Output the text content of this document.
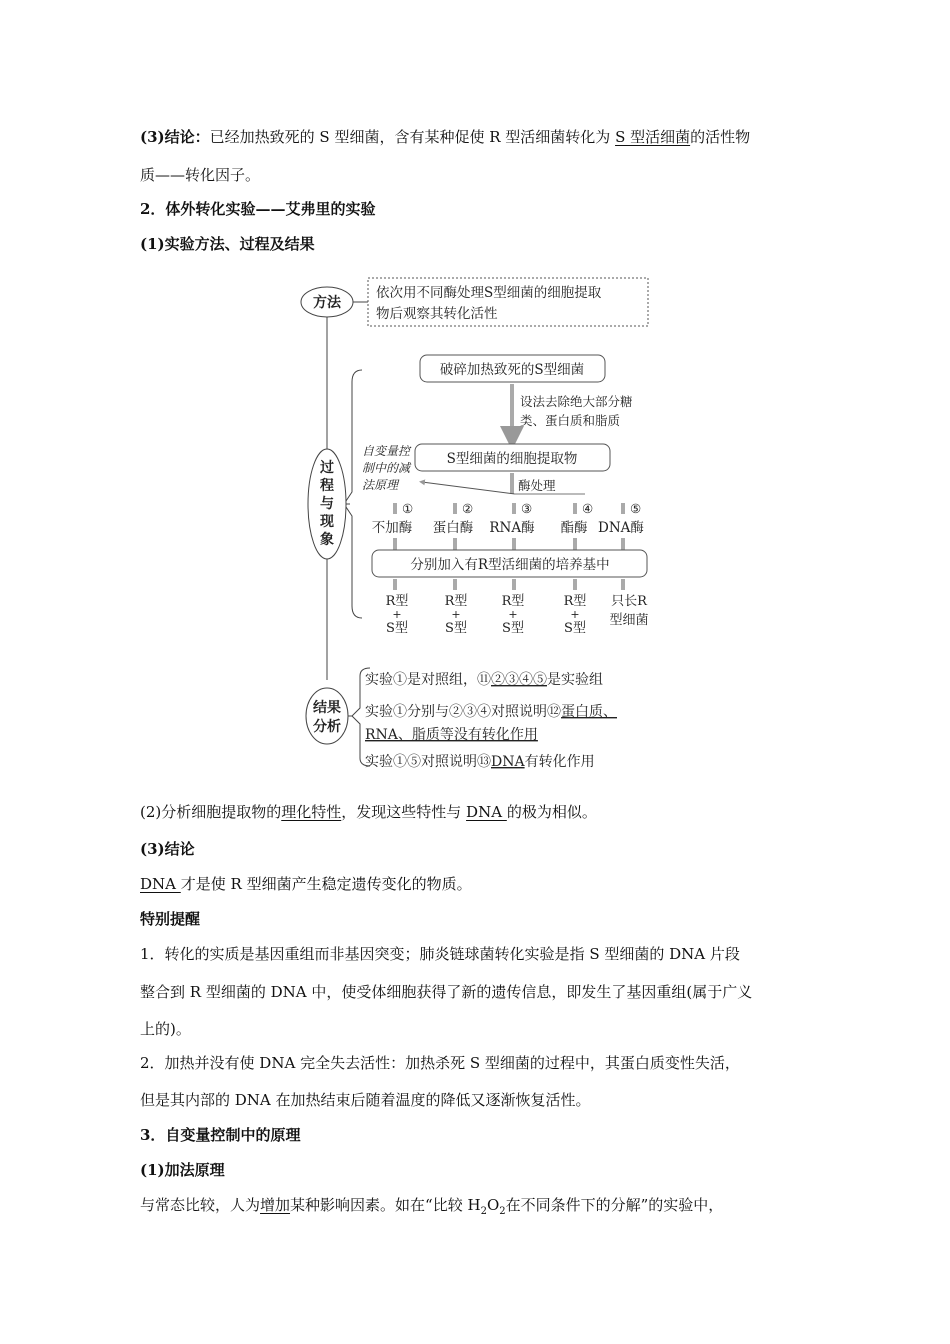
(3)结论：已经加热致死的 S 型细菌，含有某种促使 R 型活细菌转化为 S 型活细菌的活性物
质——转化因子。
2．体外转化实验——艾弗里的实验
(1)实验方法、过程及结果
方法
依次用不同酶处理S型细菌的细胞提取
物后观察其转化活性
过
程
与
现
象
破碎加热致死的S型细菌
设法去除绝大部分糖
类、蛋白质和脂质
S型细菌的细胞提取物
自变量控
制中的减
法原理	酶处理
①
不加酶
②
蛋白酶
③
RNA酶
④
酯酶
⑤
DNA酶
分别加入有R型活细菌的培养基中
R型
+
S型
R型
+
S型
R型
+
S型
R型
+
S型
只长R
型细菌
结果
分析
实验①是对照组，⑪②③④⑤是实验组
实验①分别与②③④对照说明⑫蛋白质、
RNA、脂质等没有转化作用
实验①⑤对照说明⑬DNA有转化作用
(2)分析细胞提取物的理化特性，发现这些特性与 DNA 的极为相似。
(3)结论
DNA 才是使 R 型细菌产生稳定遗传变化的物质。
特别提醒
1．转化的实质是基因重组而非基因突变；肺炎链球菌转化实验是指 S 型细菌的 DNA 片段
整合到 R 型细菌的 DNA 中，使受体细胞获得了新的遗传信息，即发生了基因重组(属于广义
上的)。
2．加热并没有使 DNA 完全失去活性：加热杀死 S 型细菌的过程中，其蛋白质变性失活，
但是其内部的 DNA 在加热结束后随着温度的降低又逐渐恢复活性。
3．自变量控制中的原理
(1)加法原理
与常态比较，人为增加某种影响因素。如在“比较 $H_2O_2$在不同条件下的分解”的实验中，
